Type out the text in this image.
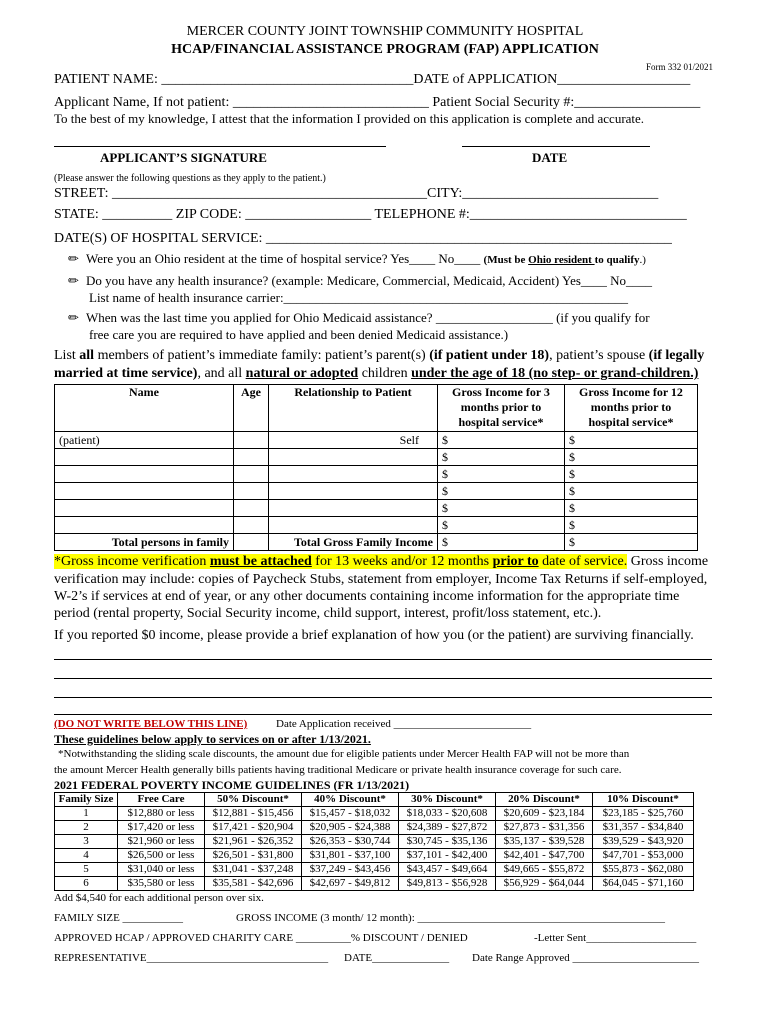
MERCER COUNTY JOINT TOWNSHIP COMMUNITY HOSPITAL
HCAP/FINANCIAL ASSISTANCE PROGRAM (FAP) APPLICATION
Form 332 01/2021
PATIENT NAME: ____________________________________DATE of APPLICATION___________________
Applicant Name, If not patient: ____________________________ Patient Social Security #:__________________
To the best of my knowledge, I attest that the information I provided on this application is complete and accurate.
APPLICANT’S SIGNATURE	DATE
(Please answer the following questions as they apply to the patient.)
STREET: _____________________________________________CITY:____________________________
STATE: __________ ZIP CODE: __________________ TELEPHONE #:_______________________________
DATE(S) OF HOSPITAL SERVICE: __________________________________________________________
✏ Were you an Ohio resident at the time of hospital service? Yes____ No____ (Must be Ohio resident to qualify.)
✏ Do you have any health insurance? (example: Medicare, Commercial, Medicaid, Accident) Yes____ No____
List name of health insurance carrier:_____________________________________________________
✏ When was the last time you applied for Ohio Medicaid assistance? __________________ (if you qualify for
free care you are required to have applied and been denied Medicaid assistance.)
List all members of patient’s immediate family: patient’s parent(s) (if patient under 18), patient’s spouse (if legally
married at time service), and all natural or adopted children under the age of 18 (no step- or grand-children.)
Name	Age	Relationship to Patient	Gross Income for 3 months prior to hospital service*	Gross Income for 12 months prior to hospital service*
(patient)		Self	$	$
			$	$
			$	$
			$	$
			$	$
			$	$
Total persons in family		Total Gross Family Income	$	$
*Gross income verification must be attached for 13 weeks and/or 12 months prior to date of service. Gross income
verification may include: copies of Paycheck Stubs, statement from employer, Income Tax Returns if self-employed,
W-2’s if services at end of year, or any other documents containing income information for the appropriate time
period (rental property, Social Security income, child support, interest, profit/loss statement, etc.).
If you reported $0 income, please provide a brief explanation of how you (or the patient) are surviving financially.
(DO NOT WRITE BELOW THIS LINE)	Date Application received _________________________
These guidelines below apply to services on or after 1/13/2021.
*Notwithstanding the sliding scale discounts, the amount due for eligible patients under Mercer Health FAP will not be more than
the amount Mercer Health generally bills patients having traditional Medicare or private health insurance coverage for such care.
2021 FEDERAL POVERTY INCOME GUIDELINES (FR 1/13/2021)
Family Size	Free Care	50% Discount*	40% Discount*	30% Discount*	20% Discount*	10% Discount*
1	$12,880 or less	$12,881 - $15,456	$15,457 - $18,032	$18,033 - $20,608	$20,609 - $23,184	$23,185 - $25,760
2	$17,420 or less	$17,421 - $20,904	$20,905 - $24,388	$24,389 - $27,872	$27,873 - $31,356	$31,357 - $34,840
3	$21,960 or less	$21,961 - $26,352	$26,353 - $30,744	$30,745 - $35,136	$35,137 - $39,528	$39,529 - $43,920
4	$26,500 or less	$26,501 - $31,800	$31,801 - $37,100	$37,101 - $42,400	$42,401 - $47,700	$47,701 - $53,000
5	$31,040 or less	$31,041 - $37,248	$37,249 - $43,456	$43,457 - $49,664	$49,665 - $55,872	$55,873 - $62,080
6	$35,580 or less	$35,581 - $42,696	$42,697 - $49,812	$49,813 - $56,928	$56,929 - $64,044	$64,045 - $71,160
Add $4,540 for each additional person over six.
FAMILY SIZE ___________	GROSS INCOME (3 month/ 12 month): _____________________________________________
APPROVED HCAP / APPROVED CHARITY CARE __________% DISCOUNT / DENIED	-Letter Sent____________________
REPRESENTATIVE_________________________________ DATE______________ Date Range Approved _______________________
